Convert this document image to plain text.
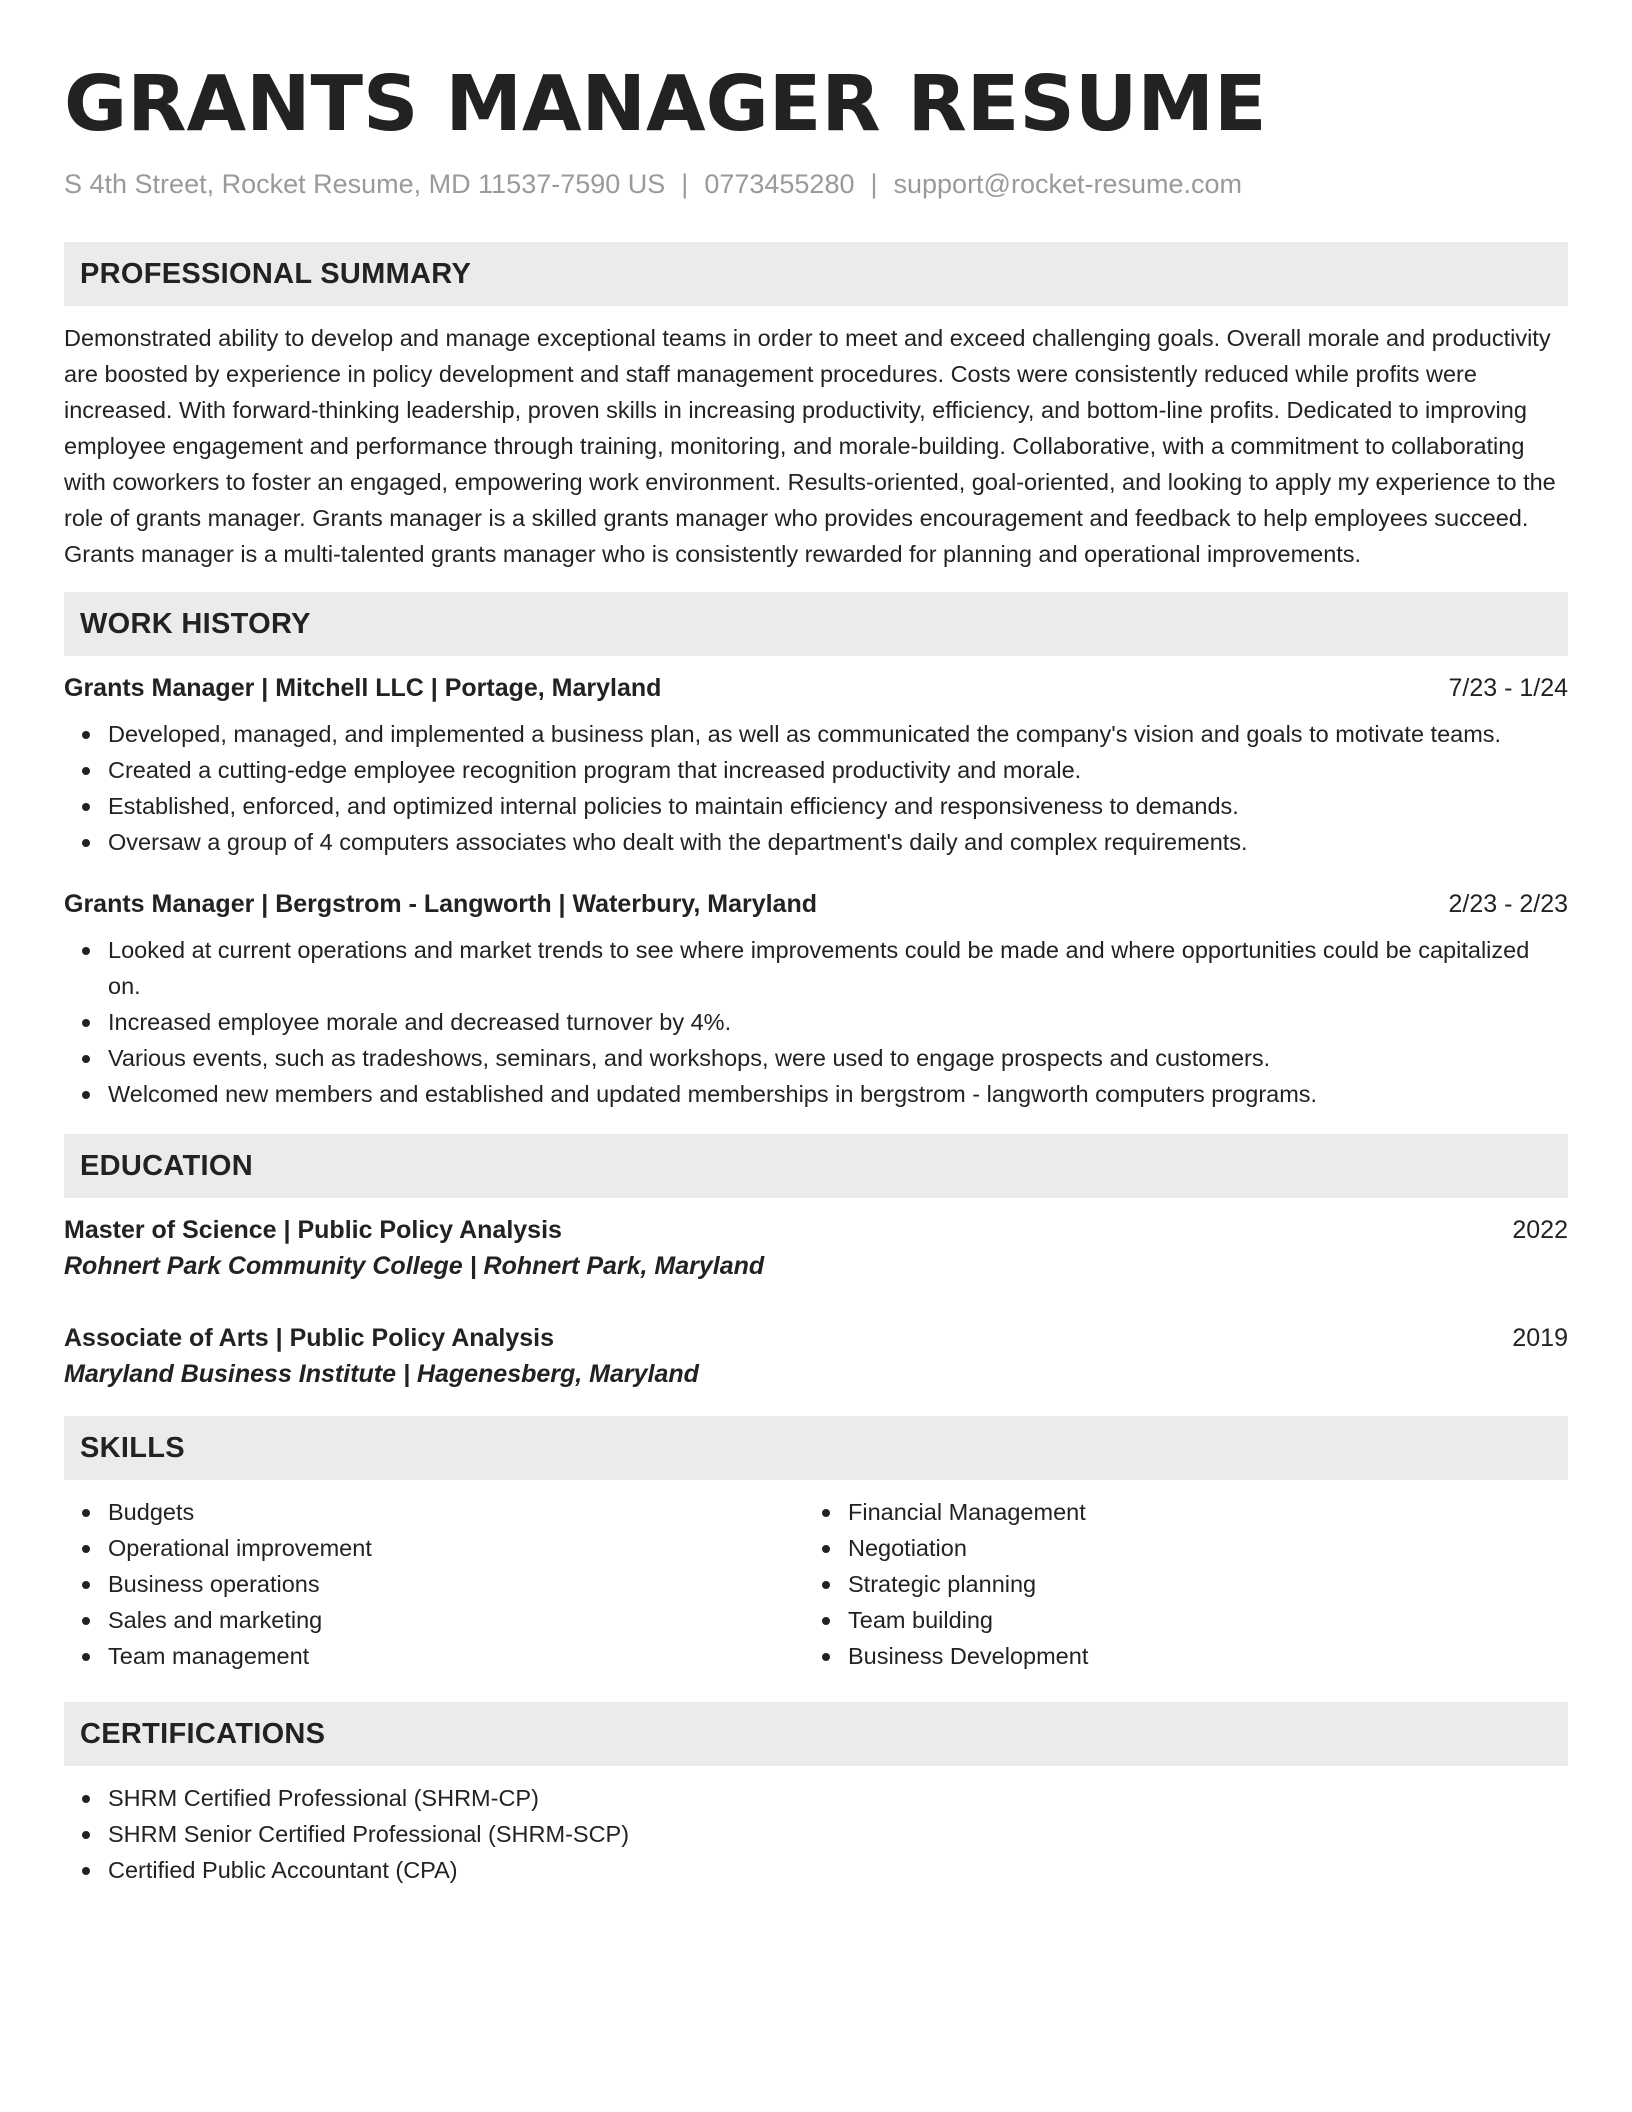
GRANTS MANAGER RESUME
S 4th Street, Rocket Resume, MD 11537-7590 US | 0773455280 | support@rocket-resume.com
PROFESSIONAL SUMMARY

Demonstrated ability to develop and manage exceptional teams in order to meet and exceed challenging goals. Overall morale and productivity are boosted by experience in policy development and staff management procedures. Costs were consistently reduced while profits were increased. With forward-thinking leadership, proven skills in increasing productivity, efficiency, and bottom-line profits. Dedicated to improving employee engagement and performance through training, monitoring, and morale-building. Collaborative, with a commitment to collaborating with coworkers to foster an engaged, empowering work environment. Results-oriented, goal-oriented, and looking to apply my experience to the role of grants manager. Grants manager is a skilled grants manager who provides encouragement and feedback to help employees succeed. Grants manager is a multi-talented grants manager who is consistently rewarded for planning and operational improvements.

WORK HISTORY
Grants Manager | Mitchell LLC | Portage, Maryland	7/23 - 1/24
Developed, managed, and implemented a business plan, as well as communicated the company's vision and goals to motivate teams.
Created a cutting-edge employee recognition program that increased productivity and morale.
Established, enforced, and optimized internal policies to maintain efficiency and responsiveness to demands.
Oversaw a group of 4 computers associates who dealt with the department's daily and complex requirements.
Grants Manager | Bergstrom - Langworth | Waterbury, Maryland	2/23 - 2/23
Looked at current operations and market trends to see where improvements could be made and where opportunities could be capitalized on.
Increased employee morale and decreased turnover by 4%.
Various events, such as tradeshows, seminars, and workshops, were used to engage prospects and customers.
Welcomed new members and established and updated memberships in bergstrom - langworth computers programs.
EDUCATION
Master of Science | Public Policy Analysis	2022
Rohnert Park Community College | Rohnert Park, Maryland
Associate of Arts | Public Policy Analysis	2019
Maryland Business Institute | Hagenesberg, Maryland
SKILLS
Budgets
Operational improvement
Business operations
Sales and marketing
Team management
Financial Management
Negotiation
Strategic planning
Team building
Business Development
CERTIFICATIONS
SHRM Certified Professional (SHRM-CP)
SHRM Senior Certified Professional (SHRM-SCP)
Certified Public Accountant (CPA)
